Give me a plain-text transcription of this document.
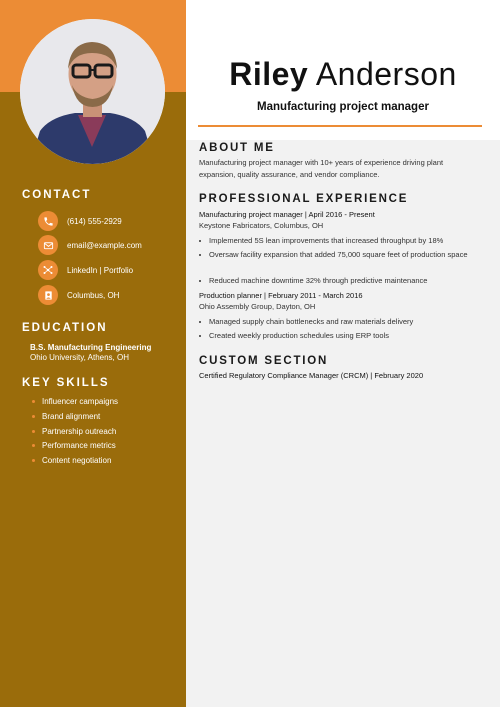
CONTACT
(614) 555-2929
email@example.com
LinkedIn | Portfolio
Columbus, OH
EDUCATION
B.S. Manufacturing Engineering
Ohio University, Athens, OH
KEY SKILLS
Influencer campaigns
Brand alignment
Partnership outreach
Performance metrics
Content negotiation
Riley Anderson
Manufacturing project manager
ABOUT ME
Manufacturing project manager with 10+ years of experience driving plant
expansion, quality assurance, and vendor compliance.
PROFESSIONAL EXPERIENCE
Manufacturing project manager | April 2016 - Present
Keystone Fabricators, Columbus, OH
Implemented 5S lean improvements that increased throughput by 18%
Oversaw facility expansion that added 75,000 square feet of production space
Reduced machine downtime 32% through predictive maintenance
Production planner | February 2011 - March 2016
Ohio Assembly Group, Dayton, OH
Managed supply chain bottlenecks and raw materials delivery
Created weekly production schedules using ERP tools
CUSTOM SECTION
Certified Regulatory Compliance Manager (CRCM) | February 2020
